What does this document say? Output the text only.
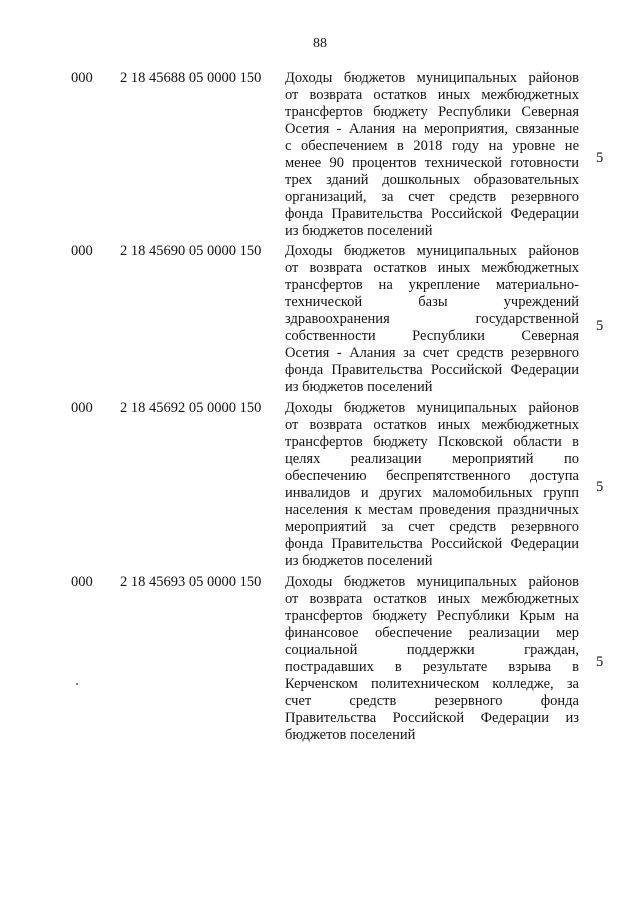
88
000 2 18 45688 05 0000 150 Доходы бюджетов муниципальных районов
от возврата остатков иных межбюджетных
трансфертов бюджету Республики Северная
Осетия - Алания на мероприятия, связанные
с обеспечением в 2018 году на уровне не
менее 90 процентов технической готовности
трех зданий дошкольных образовательных
организаций, за счет средств резервного
фонда Правительства Российской Федерации
из бюджетов поселений
5
000 2 18 45690 05 0000 150 Доходы бюджетов муниципальных районов
от возврата остатков иных межбюджетных
трансфертов на укрепление материально-
технической базы учреждений
здравоохранения государственной
собственности Республики Северная
Осетия - Алания за счет средств резервного
фонда Правительства Российской Федерации
из бюджетов поселений
5
000 2 18 45692 05 0000 150 Доходы бюджетов муниципальных районов
от возврата остатков иных межбюджетных
трансфертов бюджету Псковской области в
целях реализации мероприятий по
обеспечению беспрепятственного доступа
инвалидов и других маломобильных групп
населения к местам проведения праздничных
мероприятий за счет средств резервного
фонда Правительства Российской Федерации
из бюджетов поселений
5
000 2 18 45693 05 0000 150 Доходы бюджетов муниципальных районов
от возврата остатков иных межбюджетных
трансфертов бюджету Республики Крым на
финансовое обеспечение реализации мер
социальной поддержки граждан,
пострадавших в результате взрыва в
Керченском политехническом колледже, за
счет средств резервного фонда
Правительства Российской Федерации из
бюджетов поселений
5
